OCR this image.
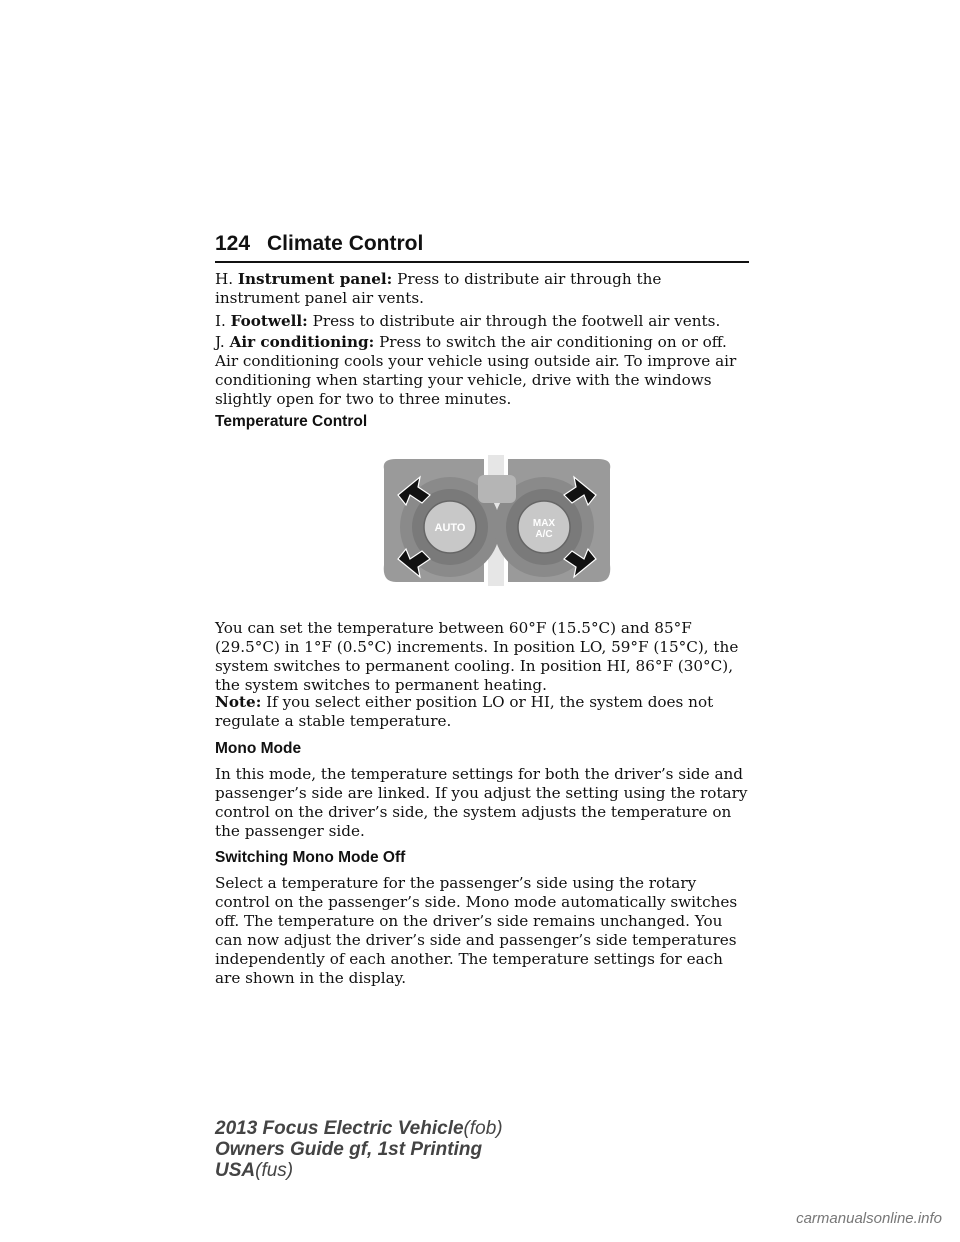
124 Climate Control
H. Instrument panel: Press to distribute air through the instrument panel air vents.
I. Footwell: Press to distribute air through the footwell air vents.
J. Air conditioning: Press to switch the air conditioning on or off. Air conditioning cools your vehicle using outside air. To improve air conditioning when starting your vehicle, drive with the windows slightly open for two to three minutes.
Temperature Control
AUTO	MAX
A/C
You can set the temperature between 60°F (15.5°C) and 85°F (29.5°C) in 1°F (0.5°C) increments. In position LO, 59°F (15°C), the system switches to permanent cooling. In position HI, 86°F (30°C), the system switches to permanent heating.
Note: If you select either position LO or HI, the system does not regulate a stable temperature.
Mono Mode
In this mode, the temperature settings for both the driver’s side and passenger’s side are linked. If you adjust the setting using the rotary control on the driver’s side, the system adjusts the temperature on the passenger side.
Switching Mono Mode Off
Select a temperature for the passenger’s side using the rotary control on the passenger’s side. Mono mode automatically switches off. The temperature on the driver’s side remains unchanged. You can now adjust the driver’s side and passenger’s side temperatures independently of each another. The temperature settings for each are shown in the display.
2013 Focus Electric Vehicle(fob)
Owners Guide gf, 1st Printing
USA(fus)
carmanualsonline.info
